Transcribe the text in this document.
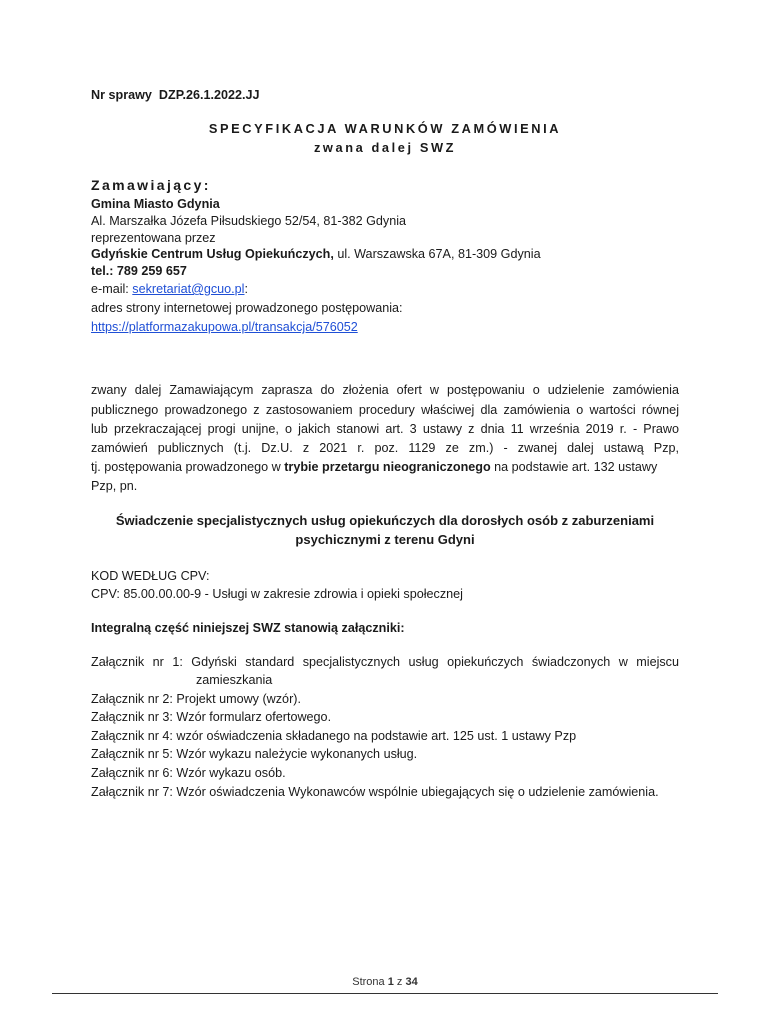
Nr sprawy DZP.26.1.2022.JJ
SPECYFIKACJA WARUNKÓW ZAMÓWIENIA
zwana dalej SWZ
Zamawiający:
Gmina Miasto Gdynia
Al. Marszałka Józefa Piłsudskiego 52/54, 81-382 Gdynia
reprezentowana przez
Gdyńskie Centrum Usług Opiekuńczych, ul. Warszawska 67A, 81-309 Gdynia
tel.: 789 259 657
e-mail: sekretariat@gcuo.pl:
adres strony internetowej prowadzonego postępowania:
https://platformazakupowa.pl/transakcja/576052
zwany dalej Zamawiającym zaprasza do złożenia ofert w postępowaniu o udzielenie zamówienia
publicznego prowadzonego z zastosowaniem procedury właściwej dla zamówienia o wartości równej
lub przekraczającej progi unijne, o jakich stanowi art. 3 ustawy z dnia 11 września 2019 r. - Prawo
zamówień publicznych (t.j. Dz.U. z 2021 r. poz. 1129 ze zm.) - zwanej dalej ustawą Pzp,
tj. postępowania prowadzonego w trybie przetargu nieograniczonego na podstawie art. 132 ustawy
Pzp, pn.
Świadczenie specjalistycznych usług opiekuńczych dla dorosłych osób z zaburzeniami
psychicznymi z terenu Gdyni
KOD WEDŁUG CPV:
CPV: 85.00.00.00-9 - Usługi w zakresie zdrowia i opieki społecznej
Integralną część niniejszej SWZ stanowią załączniki:
Załącznik nr 1: Gdyński standard specjalistycznych usług opiekuńczych świadczonych w miejscu
zamieszkania
Załącznik nr 2: Projekt umowy (wzór).
Załącznik nr 3: Wzór formularz ofertowego.
Załącznik nr 4: wzór oświadczenia składanego na podstawie art. 125 ust. 1 ustawy Pzp
Załącznik nr 5: Wzór wykazu należycie wykonanych usług.
Załącznik nr 6: Wzór wykazu osób.
Załącznik nr 7: Wzór oświadczenia Wykonawców wspólnie ubiegających się o udzielenie zamówienia.
Strona 1 z 34
